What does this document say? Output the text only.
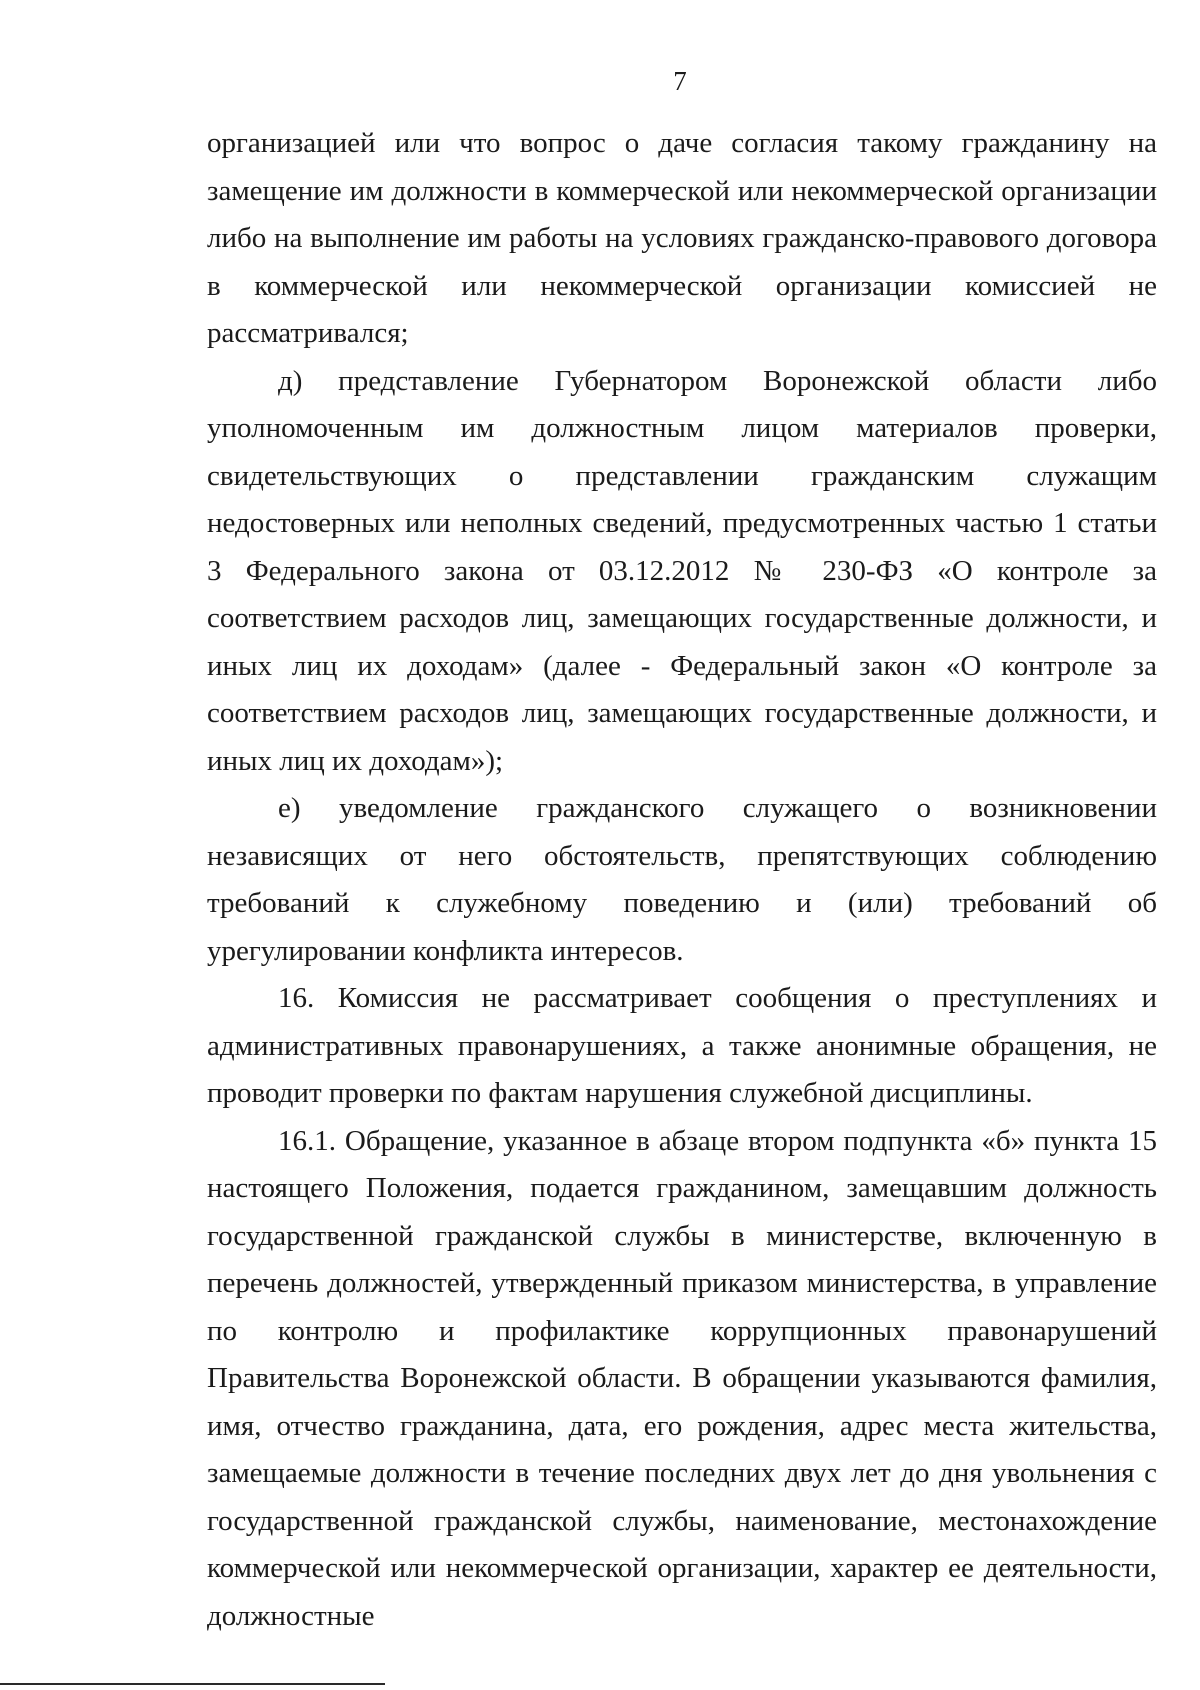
7

организацией или что вопрос о даче согласия такому гражданину на замещение им должности в коммерческой или некоммерческой организации либо на выполнение им работы на условиях гражданско-правового договора в коммерческой или некоммерческой организации комиссией не рассматривался;

д) представление Губернатором Воронежской области либо уполномоченным им должностным лицом материалов проверки, свидетельствующих о представлении гражданским служащим недостоверных или неполных сведений, предусмотренных частью 1 статьи 3 Федерального закона от 03.12.2012 № 230-ФЗ «О контроле за соответствием расходов лиц, замещающих государственные должности, и иных лиц их доходам» (далее - Федеральный закон «О контроле за соответствием расходов лиц, замещающих государственные должности, и иных лиц их доходам»);

е) уведомление гражданского служащего о возникновении независящих от него обстоятельств, препятствующих соблюдению требований к служебному поведению и (или) требований об урегулировании конфликта интересов.

16. Комиссия не рассматривает сообщения о преступлениях и административных правонарушениях, а также анонимные обращения, не проводит проверки по фактам нарушения служебной дисциплины.

16.1. Обращение, указанное в абзаце втором подпункта «б» пункта 15 настоящего Положения, подается гражданином, замещавшим должность государственной гражданской службы в министерстве, включенную в перечень должностей, утвержденный приказом министерства, в управление по контролю и профилактике коррупционных правонарушений Правительства Воронежской области. В обращении указываются фамилия, имя, отчество гражданина, дата, его рождения, адрес места жительства, замещаемые должности в течение последних двух лет до дня увольнения с государственной гражданской службы, наименование, местонахождение коммерческой или некоммерческой организации, характер ее деятельности, должностные
